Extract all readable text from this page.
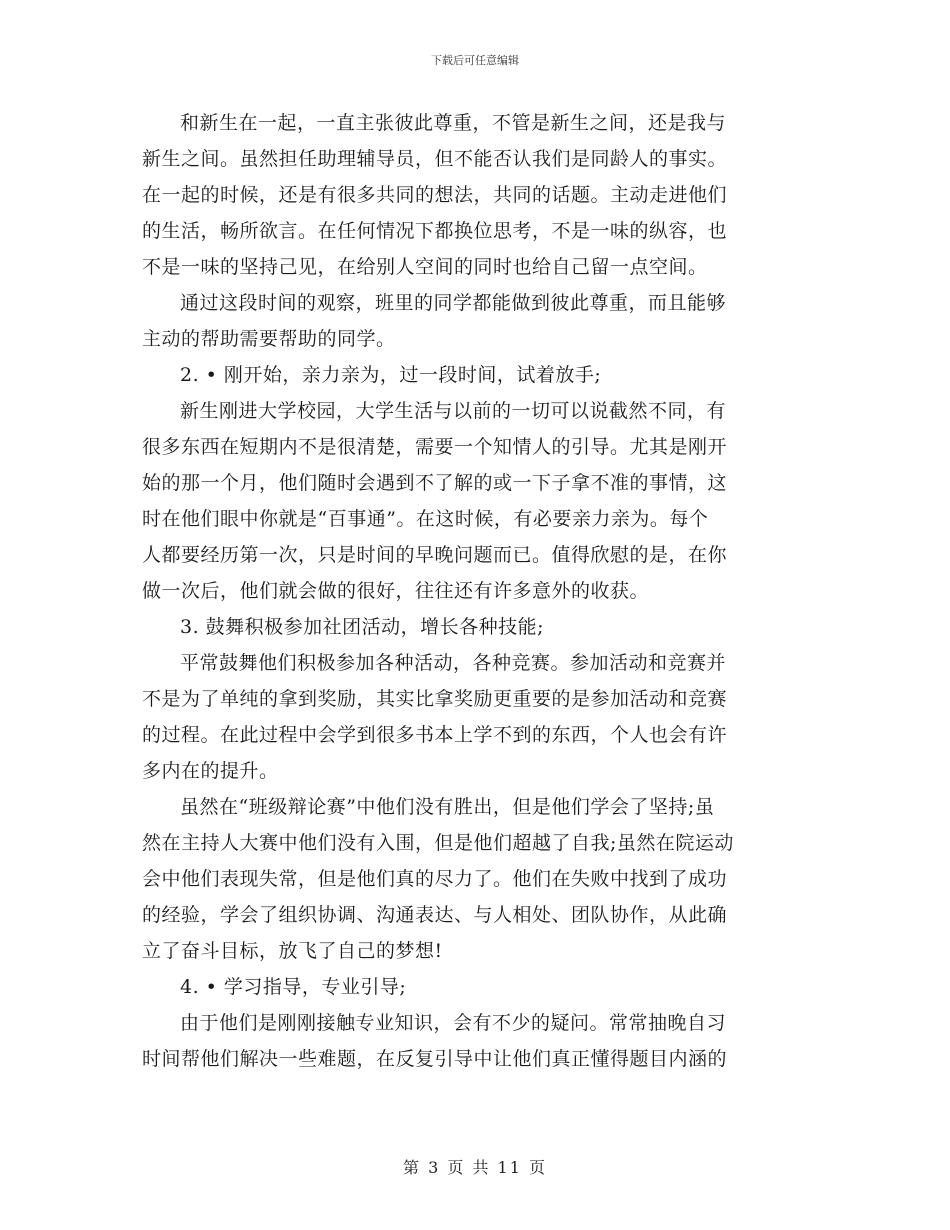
下载后可任意编辑
和新生在一起，一直主张彼此尊重，不管是新生之间，还是我与
新生之间。虽然担任助理辅导员，但不能否认我们是同龄人的事实。
在一起的时候，还是有很多共同的想法，共同的话题。主动走进他们
的生活，畅所欲言。在任何情况下都换位思考，不是一味的纵容，也
不是一味的坚持己见，在给别人空间的同时也给自己留一点空间。
通过这段时间的观察，班里的同学都能做到彼此尊重，而且能够
主动的帮助需要帮助的同学。
2. • 刚开始，亲力亲为，过一段时间，试着放手;
新生刚进大学校园，大学生活与以前的一切可以说截然不同，有
很多东西在短期内不是很清楚，需要一个知情人的引导。尤其是刚开
始的那一个月，他们随时会遇到不了解的或一下子拿不准的事情，这
时在他们眼中你就是“百事通”。在这时候，有必要亲力亲为。每个
人都要经历第一次，只是时间的早晚问题而已。值得欣慰的是，在你
做一次后，他们就会做的很好，往往还有许多意外的收获。
3. 鼓舞积极参加社团活动，增长各种技能;
平常鼓舞他们积极参加各种活动，各种竞赛。参加活动和竞赛并
不是为了单纯的拿到奖励，其实比拿奖励更重要的是参加活动和竞赛
的过程。在此过程中会学到很多书本上学不到的东西，个人也会有许
多内在的提升。
虽然在“班级辩论赛”中他们没有胜出，但是他们学会了坚持;虽
然在主持人大赛中他们没有入围，但是他们超越了自我;虽然在院运动
会中他们表现失常，但是他们真的尽力了。他们在失败中找到了成功
的经验，学会了组织协调、沟通表达、与人相处、团队协作，从此确
立了奋斗目标，放飞了自己的梦想!
4. • 学习指导，专业引导;
由于他们是刚刚接触专业知识，会有不少的疑问。常常抽晚自习
时间帮他们解决一些难题，在反复引导中让他们真正懂得题目内涵的
第 3 页 共 11 页
